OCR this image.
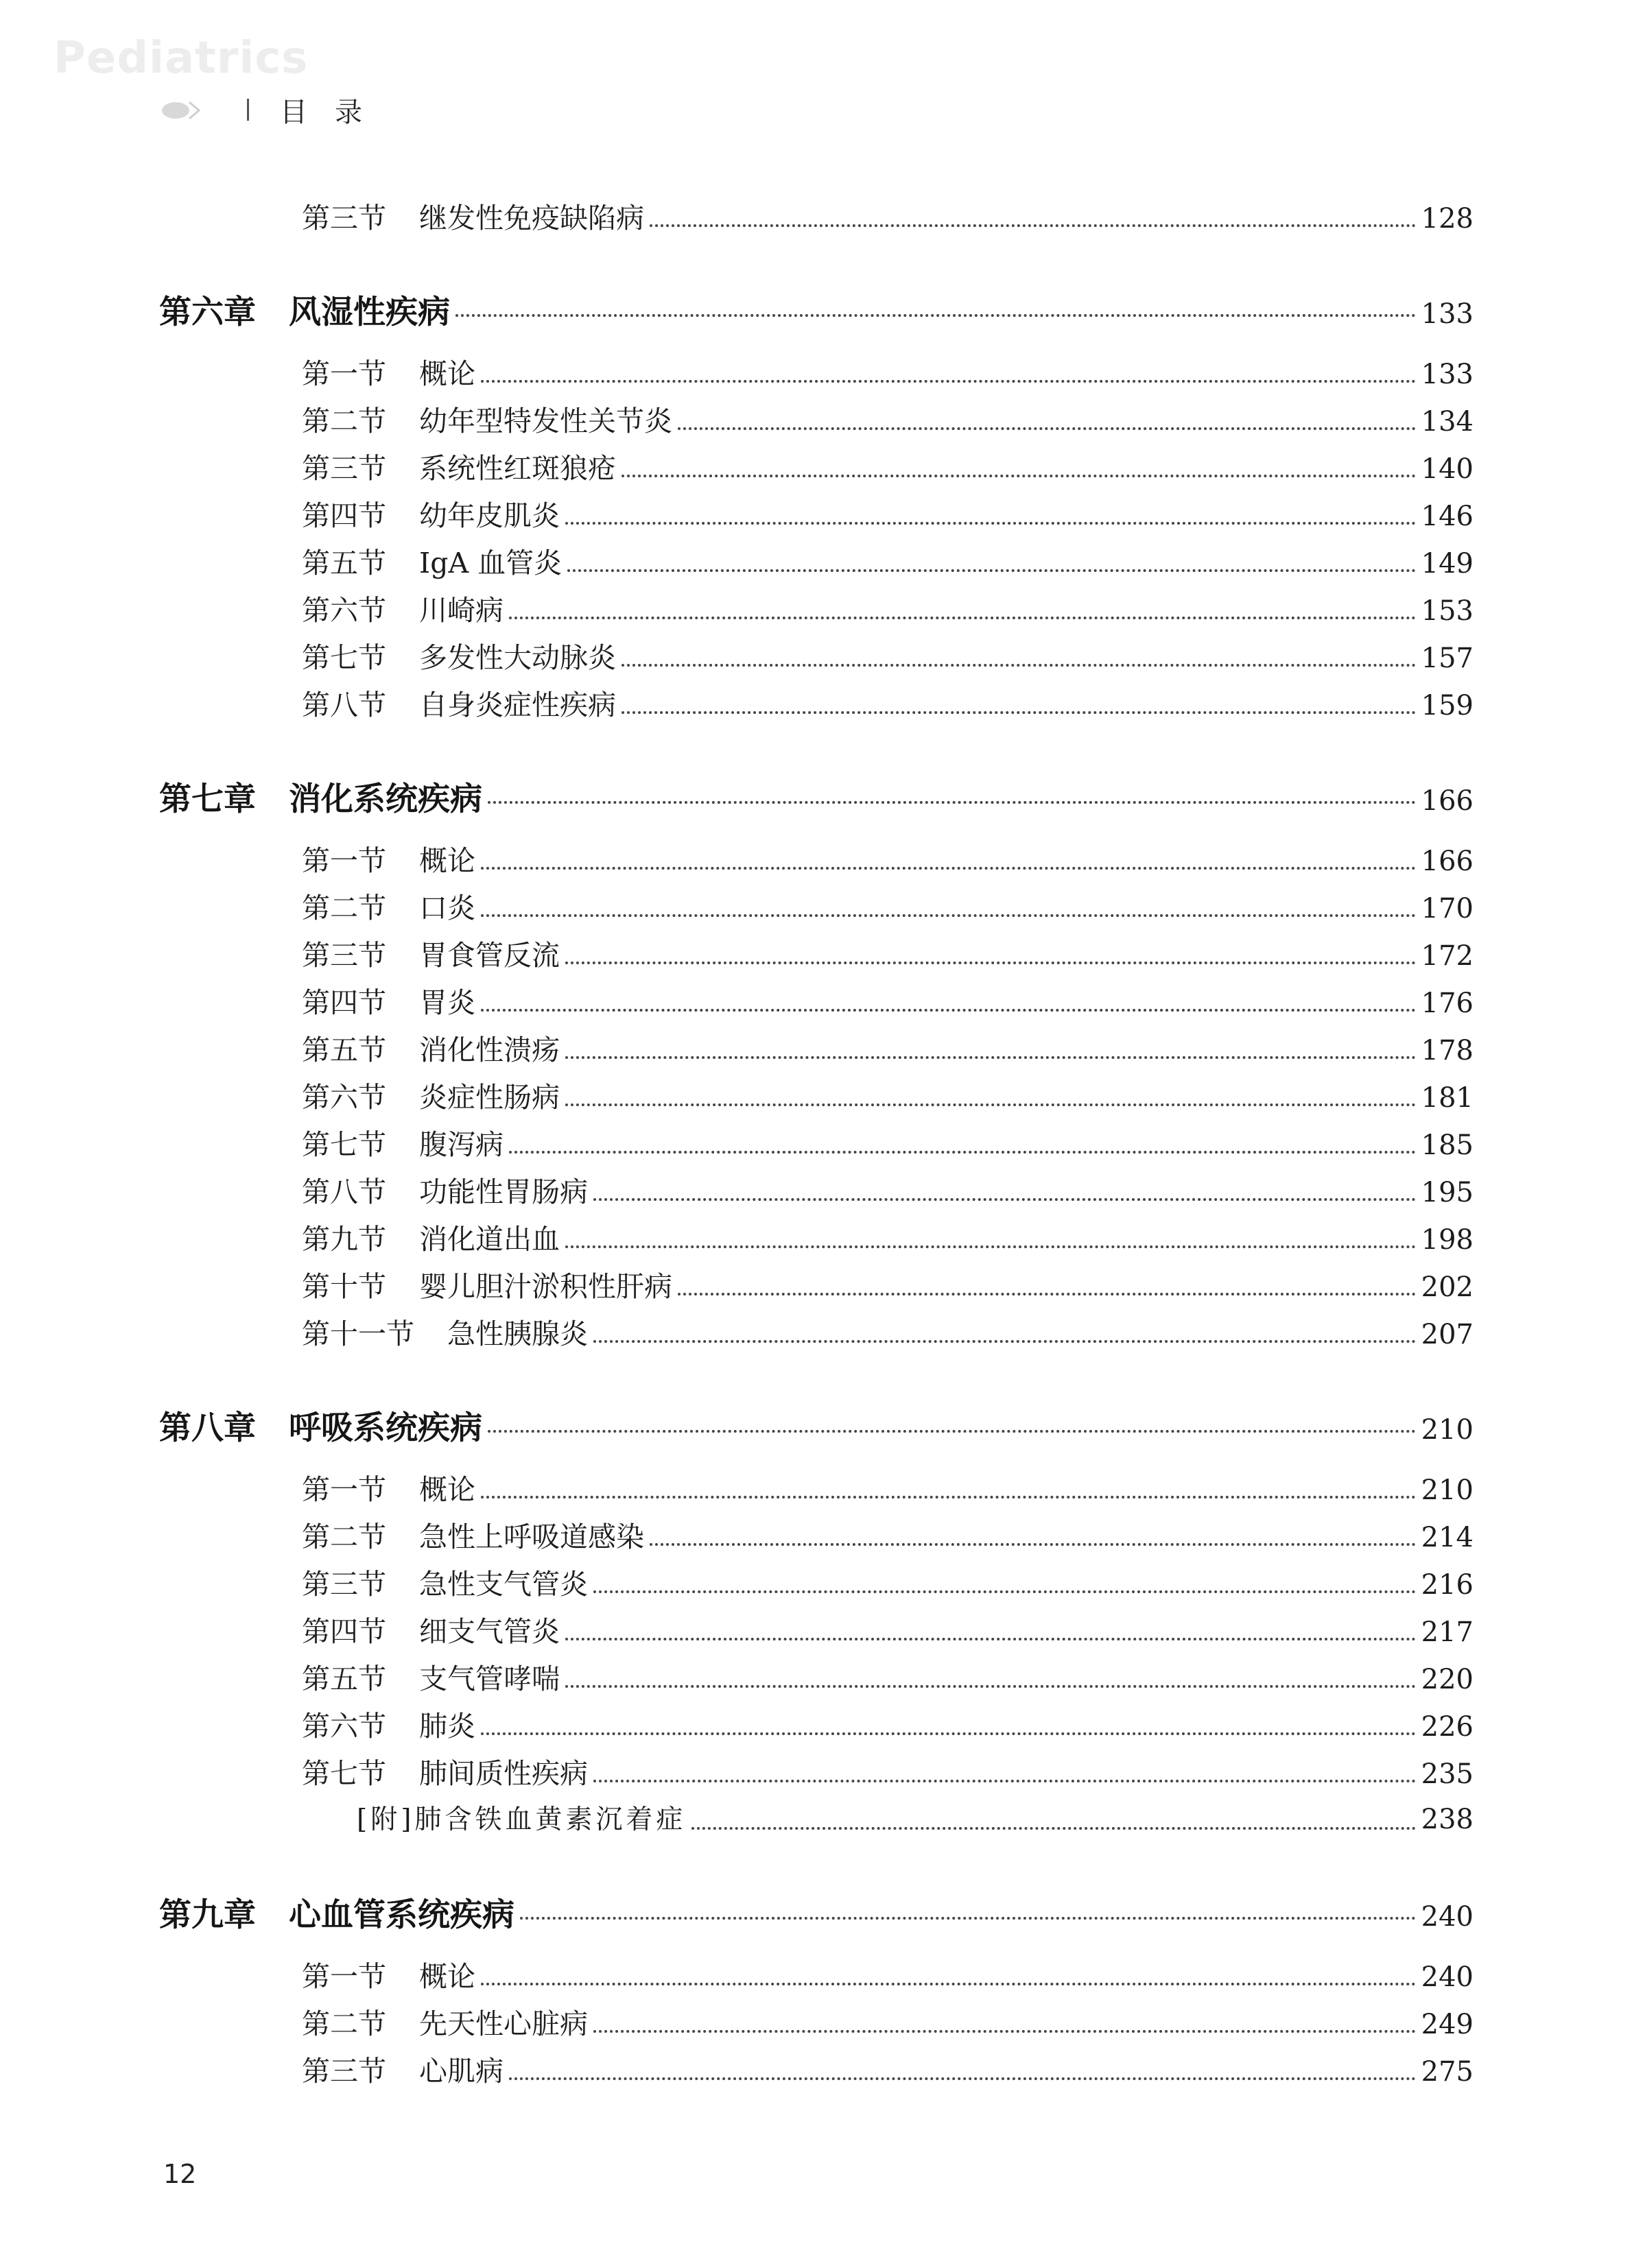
Pediatrics
目录
第三节 继发性免疫缺陷病	128
第六章 风湿性疾病	133
第一节 概论	133
第二节 幼年型特发性关节炎	134
第三节 系统性红斑狼疮	140
第四节 幼年皮肌炎	146
第五节 IgA 血管炎	149
第六节 川崎病	153
第七节 多发性大动脉炎	157
第八节 自身炎症性疾病	159
第七章 消化系统疾病	166
第一节 概论	166
第二节 口炎	170
第三节 胃食管反流	172
第四节 胃炎	176
第五节 消化性溃疡	178
第六节 炎症性肠病	181
第七节 腹泻病	185
第八节 功能性胃肠病	195
第九节 消化道出血	198
第十节 婴儿胆汁淤积性肝病	202
第十一节 急性胰腺炎	207
第八章 呼吸系统疾病	210
第一节 概论	210
第二节 急性上呼吸道感染	214
第三节 急性支气管炎	216
第四节 细支气管炎	217
第五节 支气管哮喘	220
第六节 肺炎	226
第七节 肺间质性疾病	235
[附]肺含铁血黄素沉着症	238
第九章 心血管系统疾病	240
第一节 概论	240
第二节 先天性心脏病	249
第三节 心肌病	275
12
